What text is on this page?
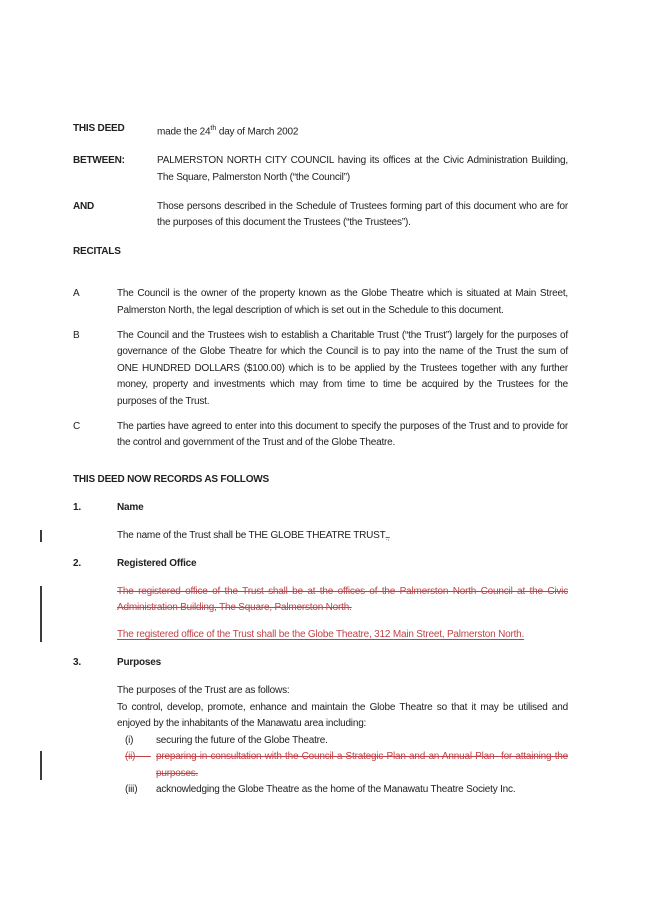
THIS DEED	made the 24th day of March 2002
BETWEEN:	PALMERSTON NORTH CITY COUNCIL having its offices at the Civic Administration Building, The Square, Palmerston North (“the Council”)
AND	Those persons described in the Schedule of Trustees forming part of this document who are for the purposes of this document the Trustees (“the Trustees”).
RECITALS
A	The Council is the owner of the property known as the Globe Theatre which is situated at Main Street, Palmerston North, the legal description of which is set out in the Schedule to this document.
B	The Council and the Trustees wish to establish a Charitable Trust (“the Trust”) largely for the purposes of governance of the Globe Theatre for which the Council is to pay into the name of the Trust the sum of ONE HUNDRED DOLLARS ($100.00) which is to be applied by the Trustees together with any further money, property and investments which may from time to time be acquired by the Trustees for the purposes of the Trust.
C	The parties have agreed to enter into this document to specify the purposes of the Trust and to provide for the control and government of the Trust and of the Globe Theatre.
THIS DEED NOW RECORDS AS FOLLOWS
1.	Name
The name of the Trust shall be THE GLOBE THEATRE $TRUST_{.,}$
2.	Registered Office

The registered office of the Trust shall be at the offices of the Palmerston North Council at the Civic Administration Building, The Square, Palmerston North.

The registered office of the Trust shall be the Globe Theatre, 312 Main Street, Palmerston North.

3.	Purposes

The purposes of the Trust are as follows:

To control, develop, promote, enhance and maintain the Globe Theatre so that it may be utilised and enjoyed by the inhabitants of the Manawatu area including:

(i)	securing the future of the Globe Theatre.
(ii)	preparing in consultation with the Council a Strategic Plan and an Annual Plan  for attaining the purposes.
(iii)	acknowledging the Globe Theatre as the home of the Manawatu Theatre Society Inc.
